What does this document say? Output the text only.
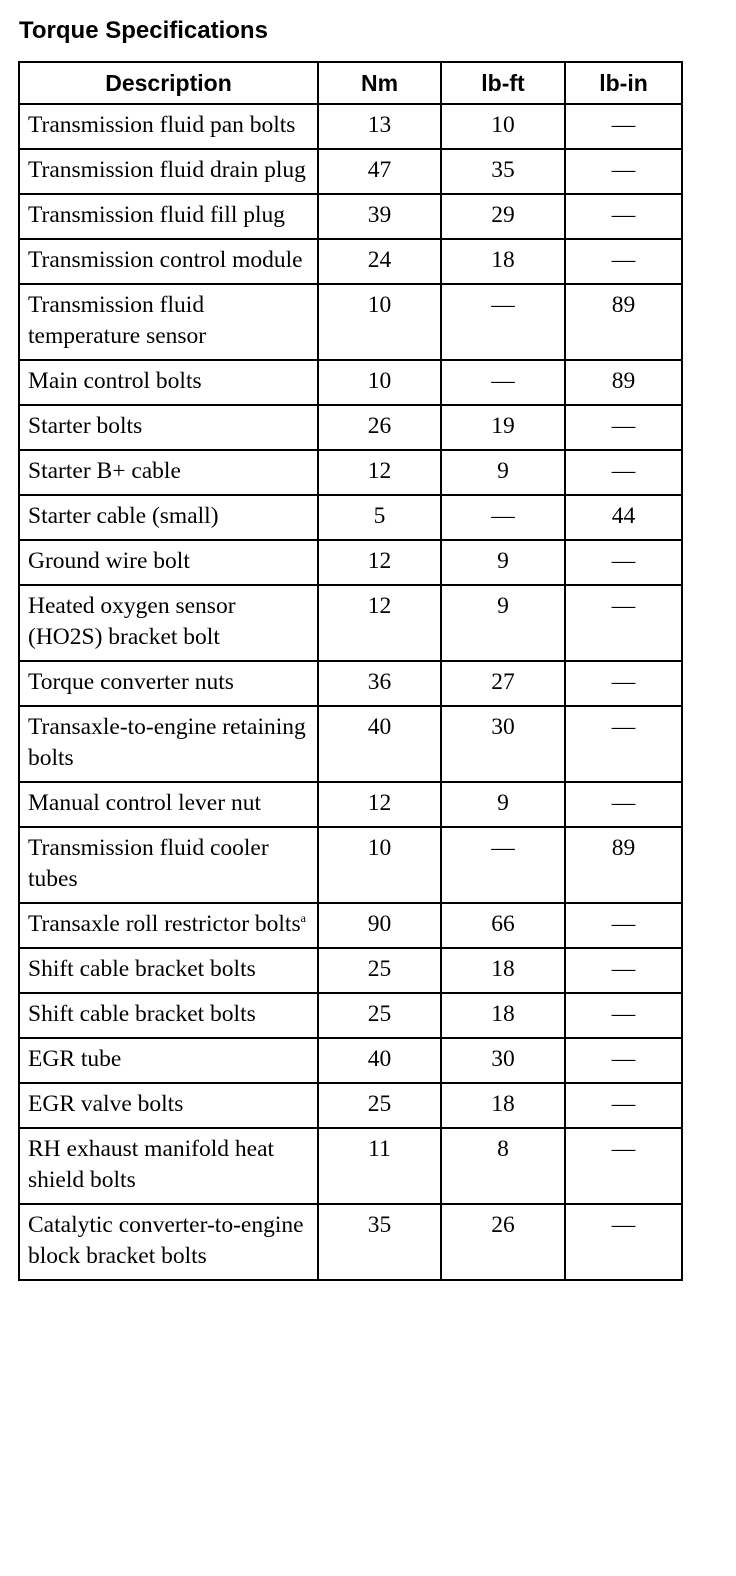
Torque Specifications
Description	Nm	lb-ft	lb-in
Transmission fluid pan bolts	13	10	—
Transmission fluid drain plug	47	35	—
Transmission fluid fill plug	39	29	—
Transmission control module	24	18	—
Transmission fluid temperature sensor	10	—	89
Main control bolts	10	—	89
Starter bolts	26	19	—
Starter B+ cable	12	9	—
Starter cable (small)	5	—	44
Ground wire bolt	12	9	—
Heated oxygen sensor (HO2S) bracket bolt	12	9	—
Torque converter nuts	36	27	—
Transaxle-to-engine retaining bolts	40	30	—
Manual control lever nut	12	9	—
Transmission fluid cooler tubes	10	—	89
Transaxle roll restrictor bolts$^a$	90	66	—
Shift cable bracket bolts	25	18	—
Shift cable bracket bolts	25	18	—
EGR tube	40	30	—
EGR valve bolts	25	18	—
RH exhaust manifold heat shield bolts	11	8	—
Catalytic converter-to-engine block bracket bolts	35	26	—
